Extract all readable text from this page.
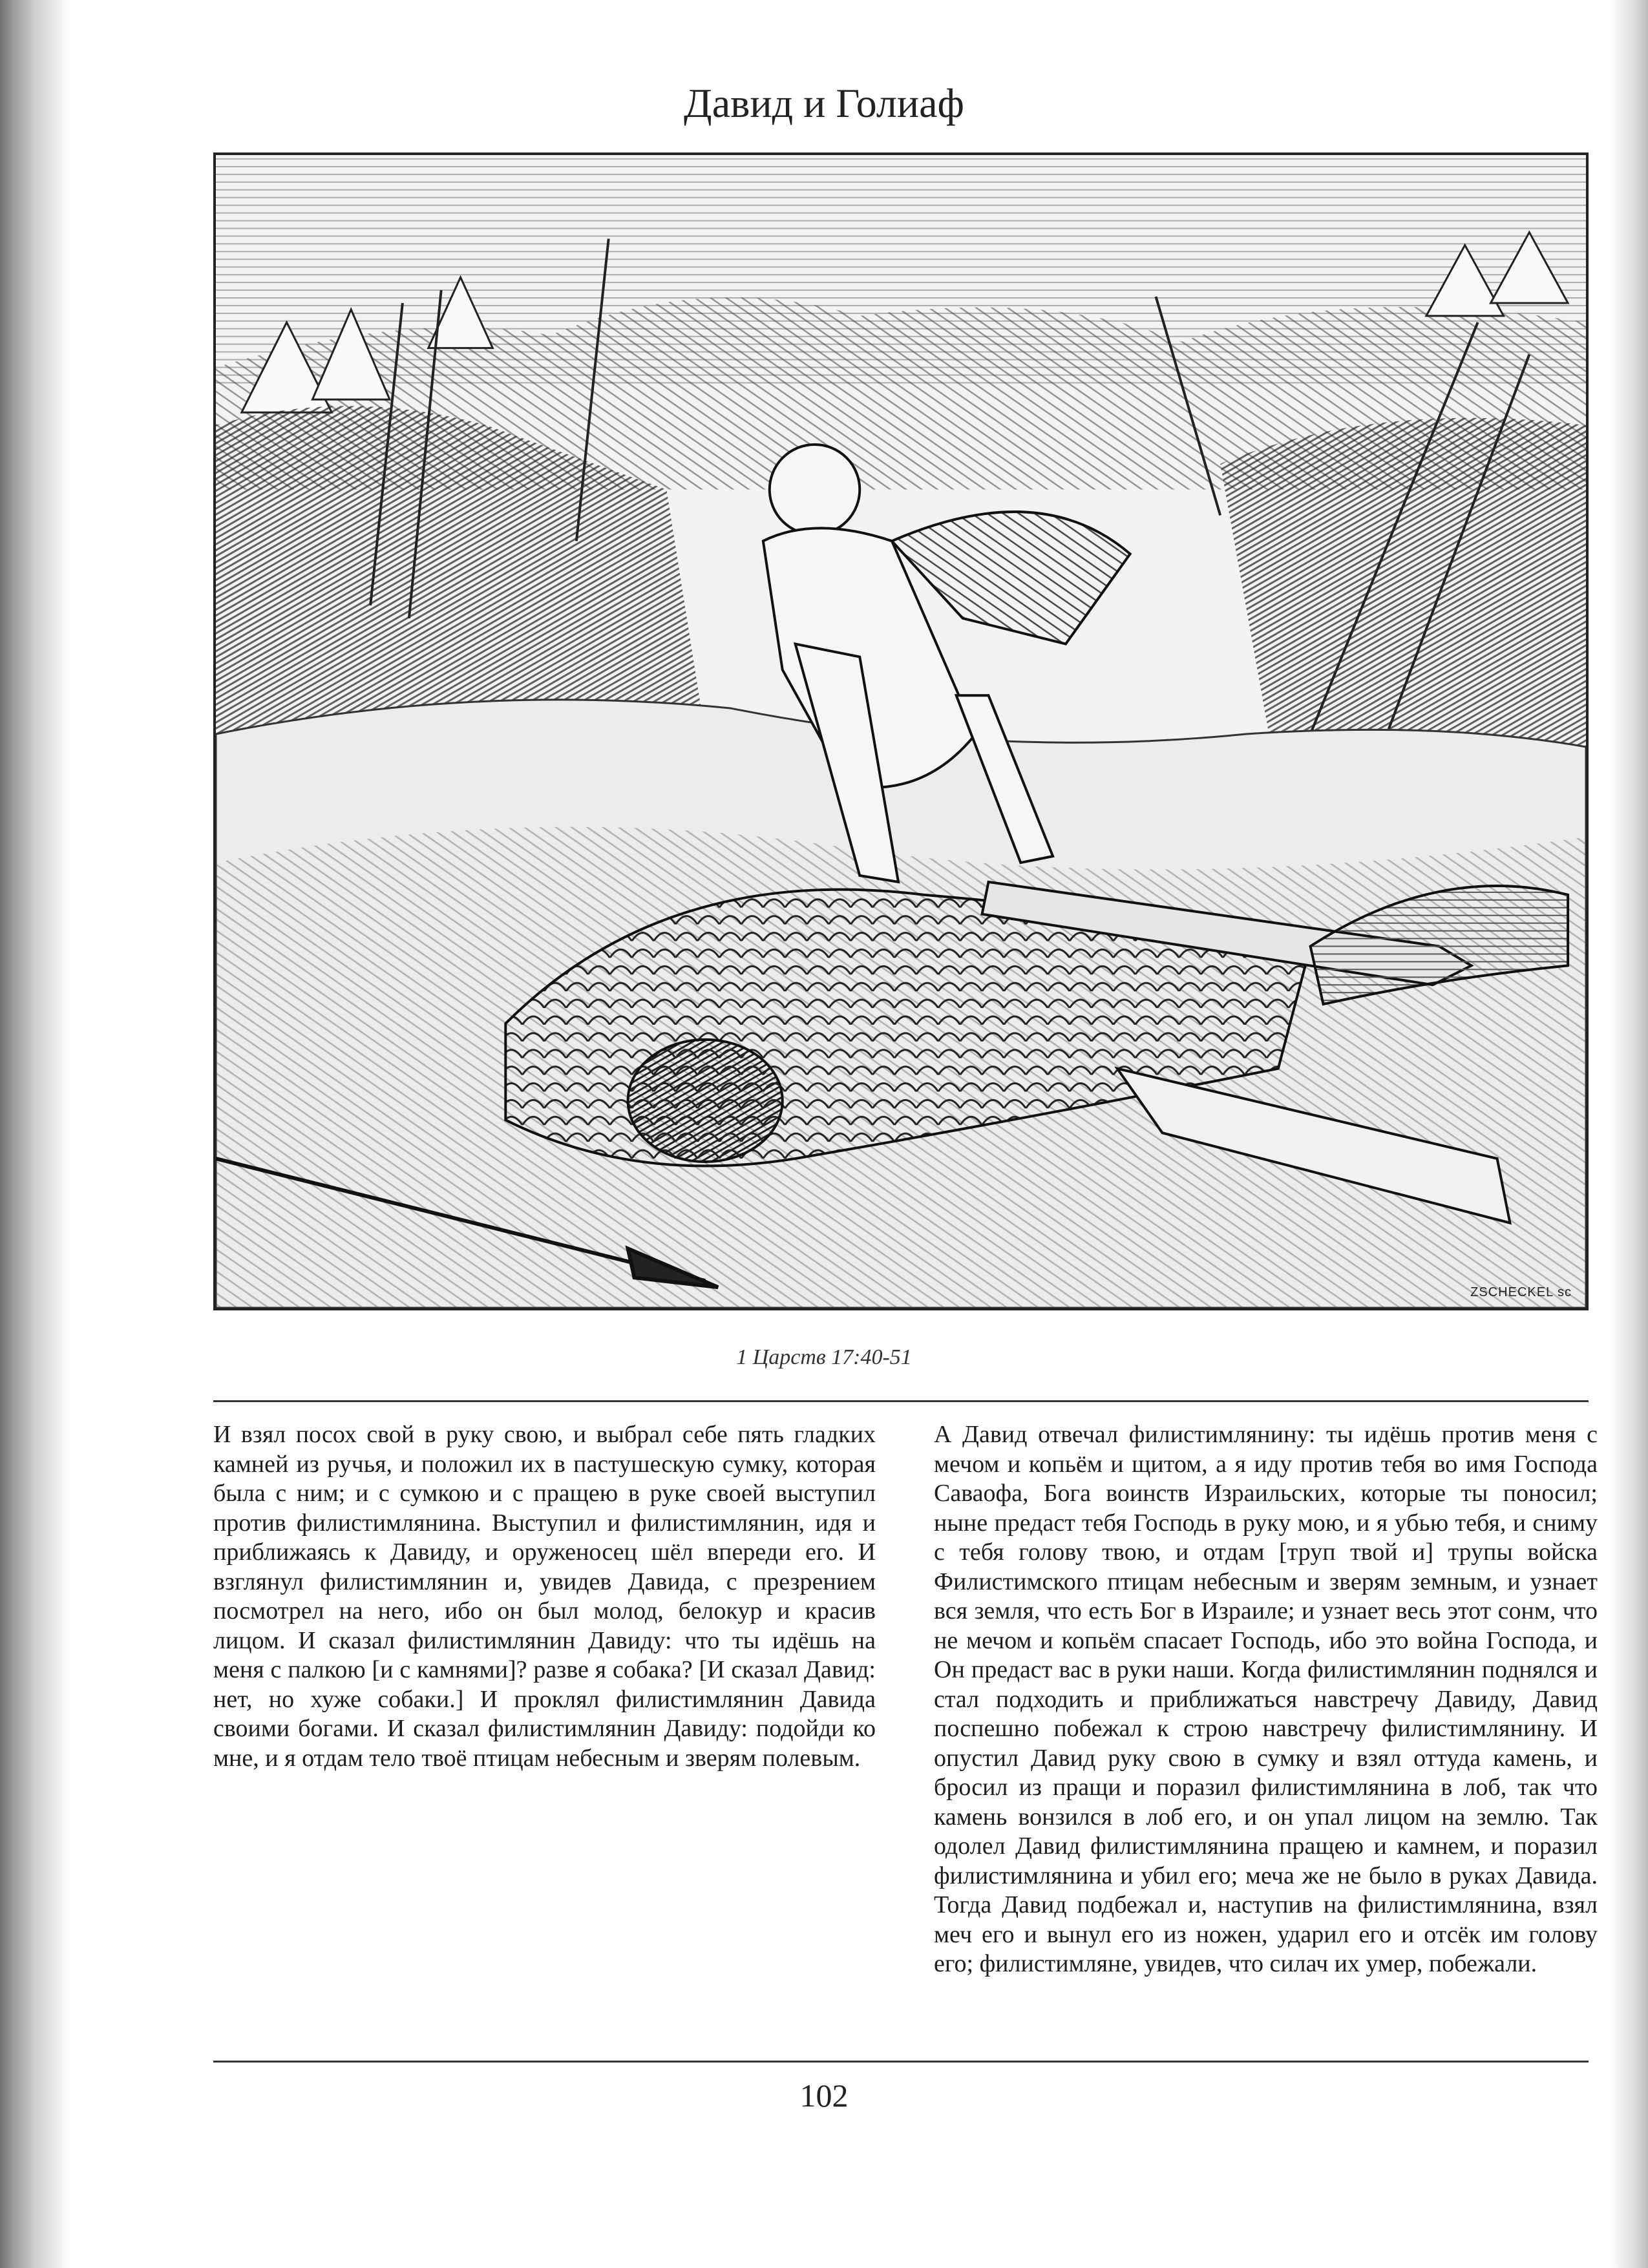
Давид и Голиаф
ZSCHECKEL sc
1 Царств 17:40-51
И взял посох свой в руку свою, и выбрал себе пять гладких камней из ручья, и положил их в пастушескую сумку, которая была с ним; и с сумкою и с пращею в руке своей выступил против филистимлянина. Выступил и филистимлянин, идя и приближаясь к Давиду, и оруженосец шёл впереди его. И взглянул филистимлянин и, увидев Давида, с презрением посмотрел на него, ибо он был молод, белокур и красив лицом. И сказал филистимлянин Давиду: что ты идёшь на меня с палкою [и с камнями]? разве я собака? [И сказал Давид: нет, но хуже собаки.] И проклял филистимлянин Давида своими богами. И сказал филистимлянин Давиду: подойди ко мне, и я отдам тело твоё птицам небесным и зверям полевым.
А Давид отвечал филистимлянину: ты идёшь против меня с мечом и копьём и щитом, а я иду против тебя во имя Господа Саваофа, Бога воинств Израильских, которые ты поносил; ныне предаст тебя Господь в руку мою, и я убью тебя, и сниму с тебя голову твою, и отдам [труп твой и] трупы войска Филистимского птицам небесным и зверям земным, и узнает вся земля, что есть Бог в Израиле; и узнает весь этот сонм, что не мечом и копьём спасает Господь, ибо это война Господа, и Он предаст вас в руки наши. Когда филистимлянин поднялся и стал подходить и приближаться навстречу Давиду, Давид поспешно побежал к строю навстречу филистимлянину. И опустил Давид руку свою в сумку и взял оттуда камень, и бросил из пращи и поразил филистимлянина в лоб, так что камень вонзился в лоб его, и он упал лицом на землю. Так одолел Давид филистимлянина пращею и камнем, и поразил филистимлянина и убил его; меча же не было в руках Давида. Тогда Давид подбежал и, наступив на филистимлянина, взял меч его и вынул его из ножен, ударил его и отсёк им голову его; филистимляне, увидев, что силач их умер, побежали.
102
